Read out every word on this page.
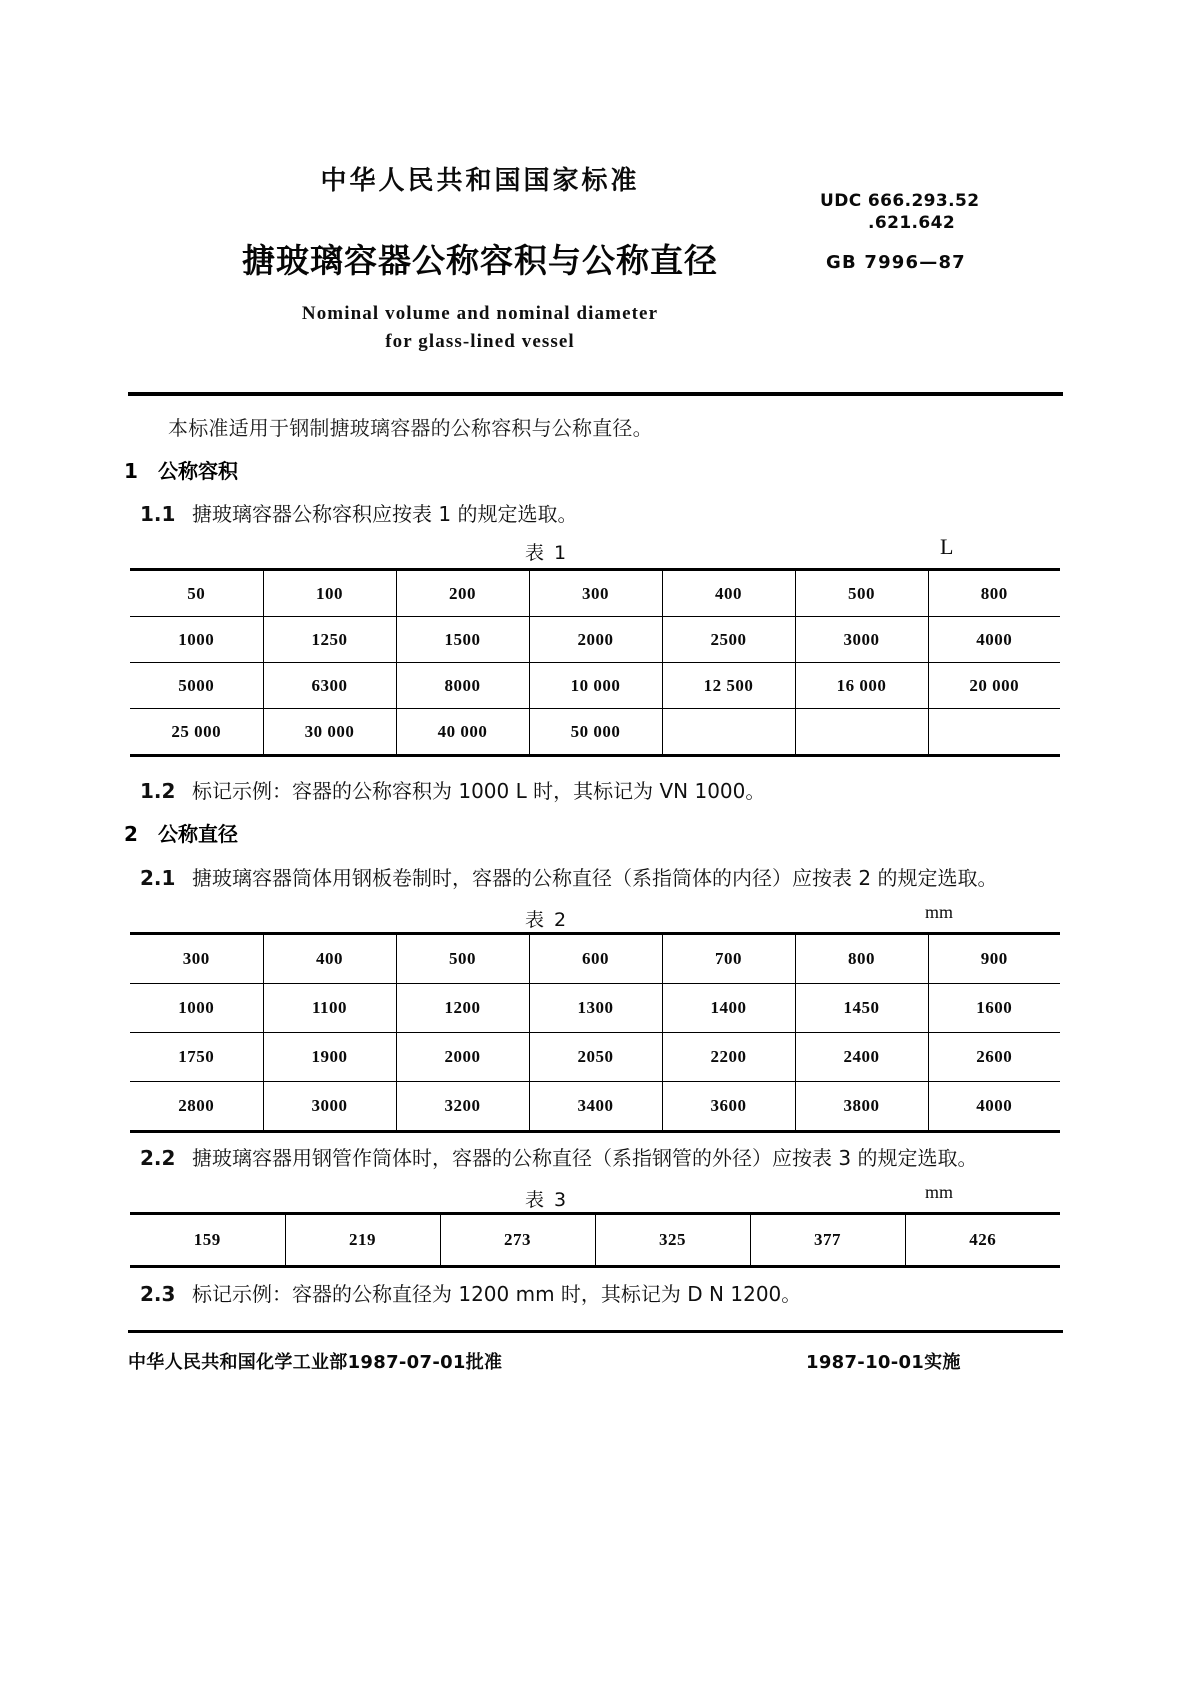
中华人民共和国国家标准
搪玻璃容器公称容积与公称直径
Nominal volume and nominal diameter
for glass-lined vessel
UDC 666.293.52
.621.642
GB 7996—87
本标准适用于钢制搪玻璃容器的公称容积与公称直径。
1 公称容积
1.1 搪玻璃容器公称容积应按表 1 的规定选取。
表 1	L
50	100	200	300	400	500	800
1000	1250	1500	2000	2500	3000	4000
5000	6300	8000	10 000	12 500	16 000	20 000
25 000	30 000	40 000	50 000			
1.2 标记示例：容器的公称容积为 1000 L 时，其标记为 VN 1000。
2 公称直径
2.1 搪玻璃容器筒体用钢板卷制时，容器的公称直径（系指筒体的内径）应按表 2 的规定选取。
表 2	mm
300	400	500	600	700	800	900
1000	1100	1200	1300	1400	1450	1600
1750	1900	2000	2050	2200	2400	2600
2800	3000	3200	3400	3600	3800	4000
2.2 搪玻璃容器用钢管作筒体时，容器的公称直径（系指钢管的外径）应按表 3 的规定选取。
表 3	mm
159	219	273	325	377	426
2.3 标记示例：容器的公称直径为 1200 mm 时，其标记为 D N 1200。
中华人民共和国化学工业部1987-07-01批准	1987-10-01实施
